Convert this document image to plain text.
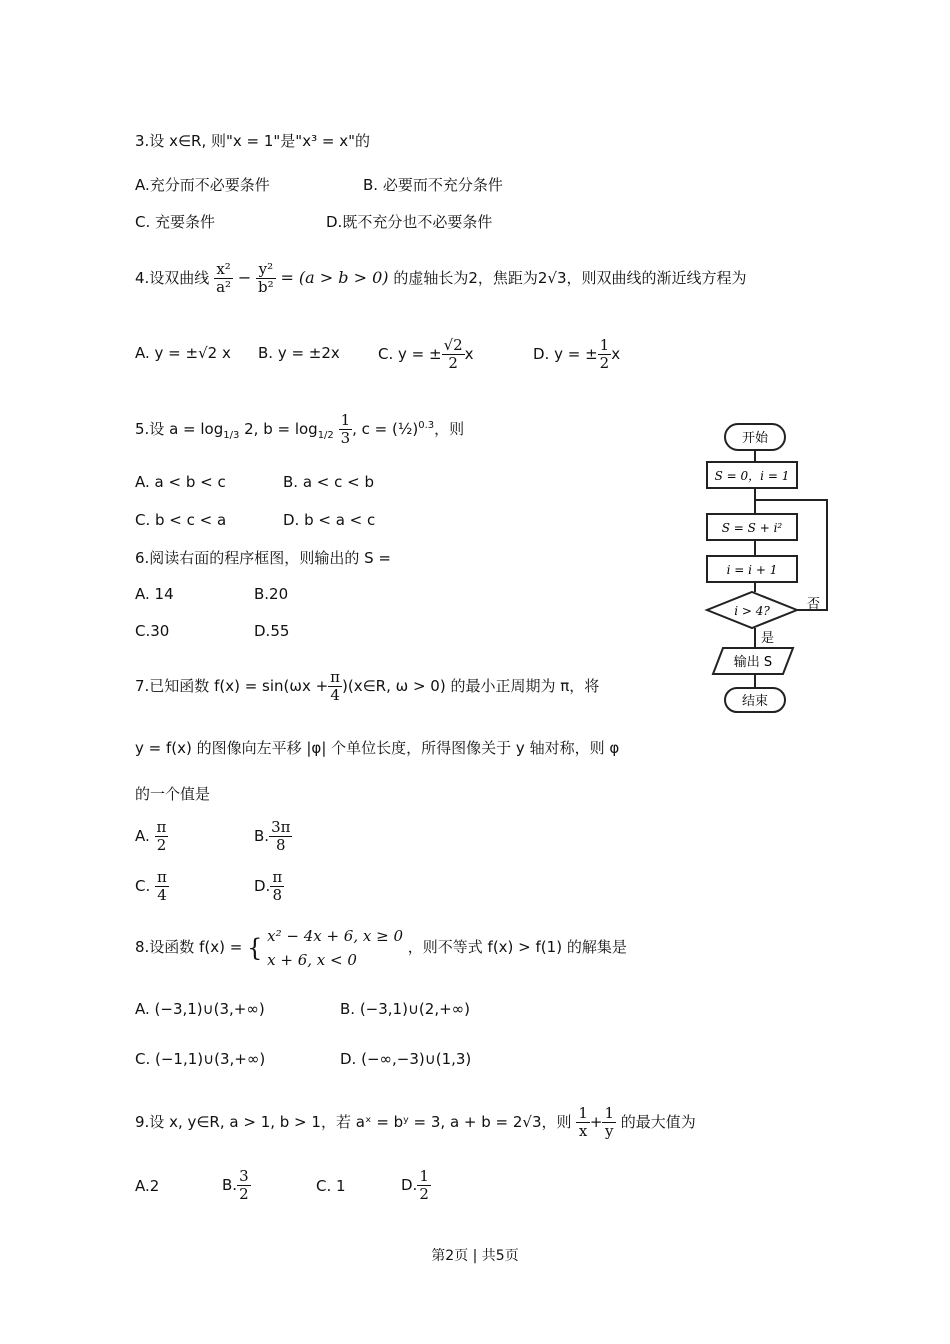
3.设 x∈R, 则"x = 1"是"x³ = x"的
A.充分而不必要条件	B. 必要而不充分条件
C. 充要条件	D.既不充分也不必要条件
4.设双曲线 $\frac{\text{x²}}{\text{a²}} - \frac{\text{y²}}{\text{b²}} = (a > b > 0)$ 的虚轴长为2，焦距为2√3，则双曲线的渐近线方程为
A. y = ±√2 x B. y = ±2x	C. y = ± $\frac{√2}{2}$ x	D. y = ± $\frac{1}{2}$ x
5.设 $a = \log_{1/3} 2$, $b = \log_{1/2} \frac{1}{3}$ , c = (½)$^{0.3}$，则
A. a < b < c	B. a < c < b
C. b < c < a	D. b < a < c
6.阅读右面的程序框图，则输出的 S =
A. 14	B.20
C.30	D.55
7.已知函数 $f(x) = \sin(\omega x + \frac{\pi}{4}$ )(x∈R, ω > 0) 的最小正周期为 π，将
y = f(x) 的图像向左平移 |φ| 个单位长度，所得图像关于 y 轴对称，则 φ
的一个值是
A. $\frac{\pi}{2}$	B. $\frac{3\pi}{8}$
C. $\frac{\pi}{4}$	D. $\frac{\pi}{8}$
8.设函数 f(x) = { x² − 4x + 6, x ≥ 0
x + 6, x < 0
，则不等式 f(x) > f(1) 的解集是
A. (−3,1)∪(3,+∞)	B. (−3,1)∪(2,+∞)
C. (−1,1)∪(3,+∞)	D. (−∞,−3)∪(1,3)
9.设 x, y∈R, a > 1, b > 1，若 aˣ = bʸ = 3, a + b = 2√3，则 $\frac{1}{x} + \frac{1}{y}$ 的最大值为
A.2	B. $\frac{3}{2}$	C. 1	D. $\frac{1}{2}$
开始
S = 0，i = 1
S = S + i²
i = i + 1
i > 4?	否
是
输出 S
结束
第2页 | 共5页
